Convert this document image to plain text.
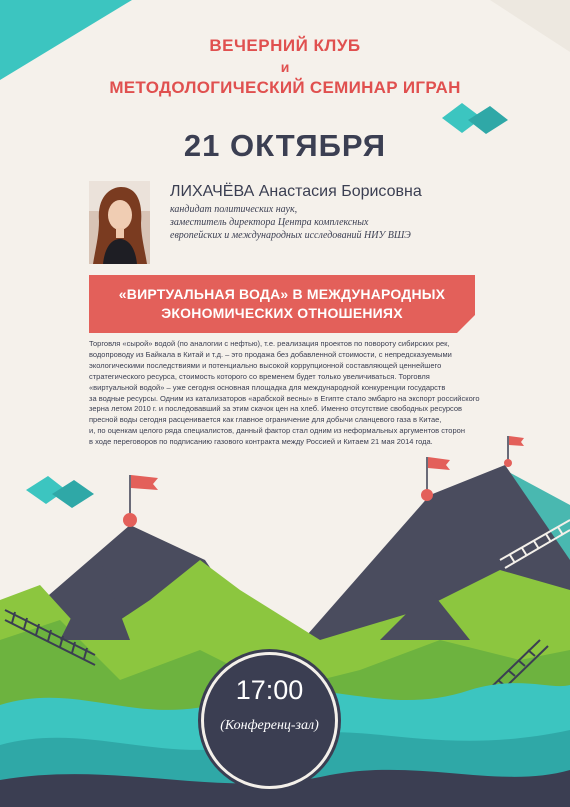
ВЕЧЕРНИЙ КЛУБ
и
МЕТОДОЛОГИЧЕСКИЙ СЕМИНАР ИГРАН
21 ОКТЯБРЯ
ЛИХАЧЁВА Анастасия Борисовна
кандидат политических наук,
заместитель директора Центра комплексных
европейских и международных исследований НИУ ВШЭ
«ВИРТУАЛЬНАЯ ВОДА» В МЕЖДУНАРОДНЫХ
ЭКОНОМИЧЕСКИХ ОТНОШЕНИЯХ
Торговля «сырой» водой (по аналогии с нефтью), т.е. реализация проектов по повороту сибирских рек,
водопроводу из Байкала в Китай и т.д. – это продажа без добавленной стоимости, с непредсказуемыми
экологическими последствиями и потенциально высокой коррупционной составляющей ценнейшего
стратегического ресурса, стоимость которого со временем будет только увеличиваться. Торговля
«виртуальной водой» – уже сегодня основная площадка для международной конкуренции государств
за водные ресурсы. Одним из катализаторов «арабской весны» в Египте стало эмбарго на экспорт российского
зерна летом 2010 г. и последовавший за этим скачок цен на хлеб. Именно отсутствие свободных ресурсов
пресной воды сегодня расценивается как главное ограничение для добычи сланцевого газа в Китае,
и, по оценкам целого ряда специалистов, данный фактор стал одним из неформальных аргументов сторон
в ходе переговоров по подписанию газового контракта между Россией и Китаем 21 мая 2014 года.
17:00
(Конференц-зал)
